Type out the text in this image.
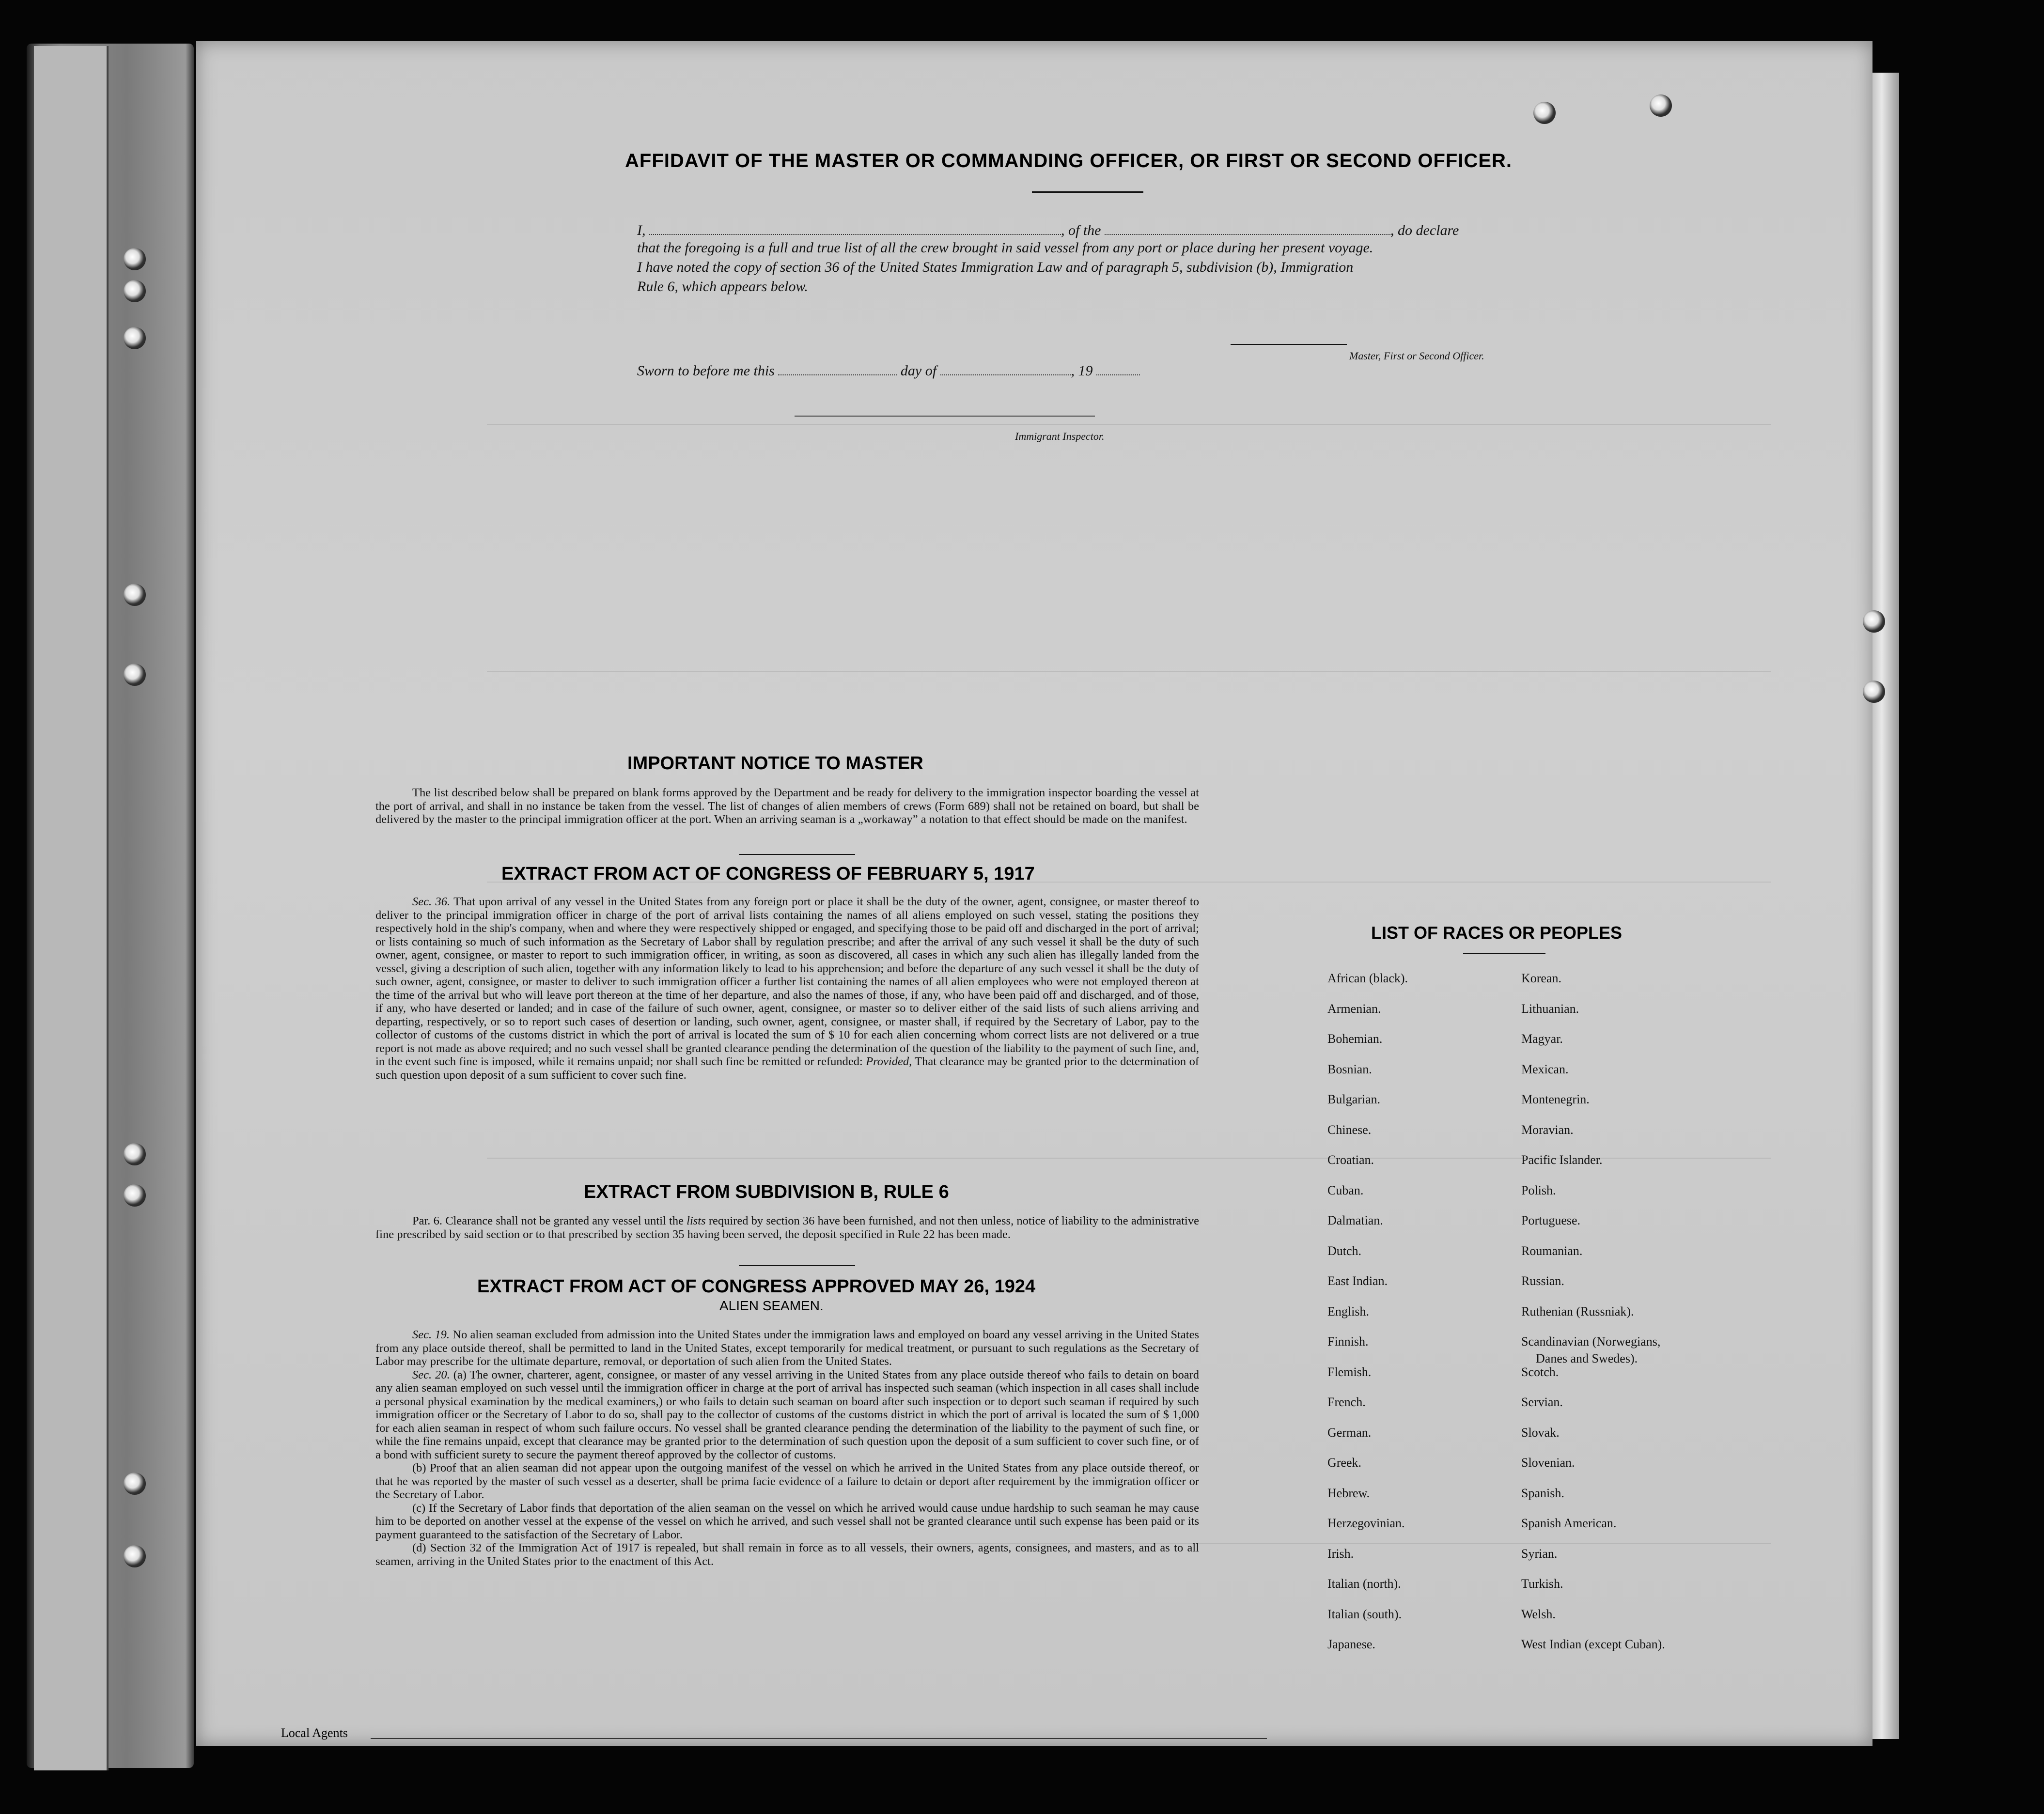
AFFIDAVIT OF THE MASTER OR COMMANDING OFFICER, OR FIRST OR SECOND OFFICER.
I,	, of the	, do declare
that the foregoing is a full and true list of all the crew brought in said vessel from any port or place during her present voyage.
I have noted the copy of section 36 of the United States Immigration Law and of paragraph 5, subdivision (b), Immigration
Rule 6, which appears below.
Master, First or Second Officer.
Sworn to before me this	day of	, 19
Immigrant Inspector.
IMPORTANT NOTICE TO MASTER
The list described below shall be prepared on blank forms approved by the Department and be ready for delivery to the immigration inspector boarding the vessel at the port of arrival, and shall in no instance be taken from the vessel. The list of changes of alien members of crews (Form 689) shall not be retained on board, but shall be delivered by the master to the principal immigration officer at the port. When an arriving seaman is a „workaway” a notation to that effect should be made on the manifest.
EXTRACT FROM ACT OF CONGRESS OF FEBRUARY 5, 1917
Sec. 36. That upon arrival of any vessel in the United States from any foreign port or place it shall be the duty of the owner, agent, consignee, or master thereof to deliver to the principal immigration officer in charge of the port of arrival lists containing the names of all aliens employed on such vessel, stating the positions they respectively hold in the ship's company, when and where they were respectively shipped or engaged, and specifying those to be paid off and discharged in the port of arrival; or lists containing so much of such information as the Secretary of Labor shall by regulation prescribe; and after the arrival of any such vessel it shall be the duty of such owner, agent, consignee, or master to report to such immigration officer, in writing, as soon as discovered, all cases in which any such alien has illegally landed from the vessel, giving a description of such alien, together with any information likely to lead to his apprehension; and before the departure of any such vessel it shall be the duty of such owner, agent, consignee, or master to deliver to such immigration officer a further list containing the names of all alien employees who were not employed thereon at the time of the arrival but who will leave port thereon at the time of her departure, and also the names of those, if any, who have been paid off and discharged, and of those, if any, who have deserted or landed; and in case of the failure of such owner, agent, consignee, or master so to deliver either of the said lists of such aliens arriving and departing, respectively, or so to report such cases of desertion or landing, such owner, agent, consignee, or master shall, if required by the Secretary of Labor, pay to the collector of customs of the customs district in which the port of arrival is located the sum of $ 10 for each alien concerning whom correct lists are not delivered or a true report is not made as above required; and no such vessel shall be granted clearance pending the determination of the question of the liability to the payment of such fine, and, in the event such fine is imposed, while it remains unpaid; nor shall such fine be remitted or refunded: Provided, That clearance may be granted prior to the determination of such question upon deposit of a sum sufficient to cover such fine.
EXTRACT FROM SUBDIVISION B, RULE 6
Par. 6. Clearance shall not be granted any vessel until the lists required by section 36 have been furnished, and not then unless, notice of liability to the administrative fine prescribed by said section or to that prescribed by section 35 having been served, the deposit specified in Rule 22 has been made.
EXTRACT FROM ACT OF CONGRESS APPROVED MAY 26, 1924
ALIEN SEAMEN.
Sec. 19. No alien seaman excluded from admission into the United States under the immigration laws and employed on board any vessel arriving in the United States from any place outside thereof, shall be permitted to land in the United States, except temporarily for medical treatment, or pursuant to such regulations as the Secretary of Labor may prescribe for the ultimate departure, removal, or deportation of such alien from the United States.
Sec. 20. (a) The owner, charterer, agent, consignee, or master of any vessel arriving in the United States from any place outside thereof who fails to detain on board any alien seaman employed on such vessel until the immigration officer in charge at the port of arrival has inspected such seaman (which inspection in all cases shall include a personal physical examination by the medical examiners,) or who fails to detain such seaman on board after such inspection or to deport such seaman if required by such immigration officer or the Secretary of Labor to do so, shall pay to the collector of customs of the customs district in which the port of arrival is located the sum of $ 1,000 for each alien seaman in respect of whom such failure occurs. No vessel shall be granted clearance pending the determination of the liability to the payment of such fine, or while the fine remains unpaid, except that clearance may be granted prior to the determination of such question upon the deposit of a sum sufficient to cover such fine, or of a bond with sufficient surety to secure the payment thereof approved by the collector of customs.
(b) Proof that an alien seaman did not appear upon the outgoing manifest of the vessel on which he arrived in the United States from any place outside thereof, or that he was reported by the master of such vessel as a deserter, shall be prima facie evidence of a failure to detain or deport after requirement by the immigration officer or the Secretary of Labor.
(c) If the Secretary of Labor finds that deportation of the alien seaman on the vessel on which he arrived would cause undue hardship to such seaman he may cause him to be deported on another vessel at the expense of the vessel on which he arrived, and such vessel shall not be granted clearance until such expense has been paid or its payment guaranteed to the satisfaction of the Secretary of Labor.
(d) Section 32 of the Immigration Act of 1917 is repealed, but shall remain in force as to all vessels, their owners, agents, consignees, and masters, and as to all seamen, arriving in the United States prior to the enactment of this Act.
LIST OF RACES OR PEOPLES
African (black).
Armenian.
Bohemian.
Bosnian.
Bulgarian.
Chinese.
Croatian.
Cuban.
Dalmatian.
Dutch.
East Indian.
English.
Finnish.
Flemish.
French.
German.
Greek.
Hebrew.
Herzegovinian.
Irish.
Italian (north).
Italian (south).
Japanese.
Korean.
Lithuanian.
Magyar.
Mexican.
Montenegrin.
Moravian.
Pacific Islander.
Polish.
Portuguese.
Roumanian.
Russian.
Ruthenian (Russniak).
Scandinavian (Norwegians,
Scotch.
Servian.
Slovak.
Slovenian.
Spanish.
Spanish American.
Syrian.
Turkish.
Welsh.
West Indian (except Cuban).
Danes and Swedes).
Local Agents
